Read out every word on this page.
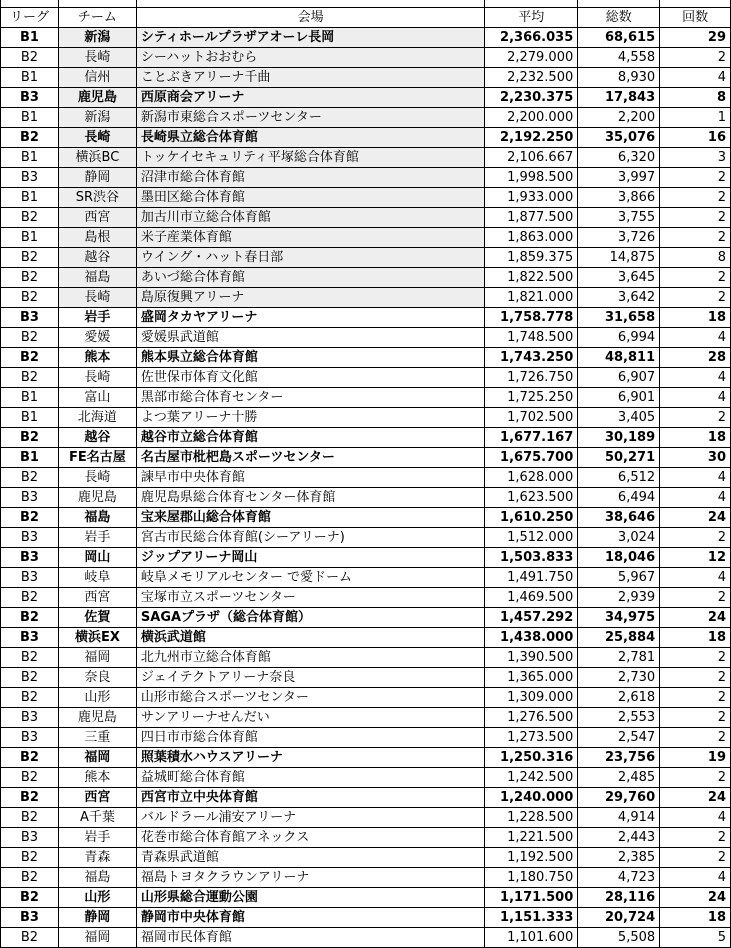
リーグ	チーム	会場	平均	総数	回数
B1	新潟	シティホールプラザアオーレ長岡	2,366.035	68,615	29
B2	長崎	シーハットおおむら	2,279.000	4,558	2
B1	信州	ことぶきアリーナ千曲	2,232.500	8,930	4
B3	鹿児島	西原商会アリーナ	2,230.375	17,843	8
B1	新潟	新潟市東総合スポーツセンター	2,200.000	2,200	1
B2	長崎	長崎県立総合体育館	2,192.250	35,076	16
B1	横浜BC	トッケイセキュリティ平塚総合体育館	2,106.667	6,320	3
B3	静岡	沼津市総合体育館	1,998.500	3,997	2
B1	SR渋谷	墨田区総合体育館	1,933.000	3,866	2
B2	西宮	加古川市立総合体育館	1,877.500	3,755	2
B1	島根	米子産業体育館	1,863.000	3,726	2
B2	越谷	ウイング・ハット春日部	1,859.375	14,875	8
B2	福島	あいづ総合体育館	1,822.500	3,645	2
B2	長崎	島原復興アリーナ	1,821.000	3,642	2
B3	岩手	盛岡タカヤアリーナ	1,758.778	31,658	18
B2	愛媛	愛媛県武道館	1,748.500	6,994	4
B2	熊本	熊本県立総合体育館	1,743.250	48,811	28
B2	長崎	佐世保市体育文化館	1,726.750	6,907	4
B1	富山	黒部市総合体育センター	1,725.250	6,901	4
B1	北海道	よつ葉アリーナ十勝	1,702.500	3,405	2
B2	越谷	越谷市立総合体育館	1,677.167	30,189	18
B1	FE名古屋	名古屋市枇杷島スポーツセンター	1,675.700	50,271	30
B2	長崎	諫早市中央体育館	1,628.000	6,512	4
B3	鹿児島	鹿児島県総合体育センター体育館	1,623.500	6,494	4
B2	福島	宝来屋郡山総合体育館	1,610.250	38,646	24
B3	岩手	宮古市民総合体育館(シーアリーナ)	1,512.000	3,024	2
B3	岡山	ジップアリーナ岡山	1,503.833	18,046	12
B3	岐阜	岐阜メモリアルセンター で愛ドーム	1,491.750	5,967	4
B2	西宮	宝塚市立スポーツセンター	1,469.500	2,939	2
B2	佐賀	SAGAプラザ（総合体育館）	1,457.292	34,975	24
B3	横浜EX	横浜武道館	1,438.000	25,884	18
B2	福岡	北九州市立総合体育館	1,390.500	2,781	2
B2	奈良	ジェイテクトアリーナ奈良	1,365.000	2,730	2
B2	山形	山形市総合スポーツセンター	1,309.000	2,618	2
B3	鹿児島	サンアリーナせんだい	1,276.500	2,553	2
B3	三重	四日市市総合体育館	1,273.500	2,547	2
B2	福岡	照葉積水ハウスアリーナ	1,250.316	23,756	19
B2	熊本	益城町総合体育館	1,242.500	2,485	2
B2	西宮	西宮市立中央体育館	1,240.000	29,760	24
B2	A千葉	バルドラール浦安アリーナ	1,228.500	4,914	4
B3	岩手	花巻市総合体育館アネックス	1,221.500	2,443	2
B2	青森	青森県武道館	1,192.500	2,385	2
B2	福島	福島トヨタクラウンアリーナ	1,180.750	4,723	4
B2	山形	山形県総合運動公園	1,171.500	28,116	24
B3	静岡	静岡市中央体育館	1,151.333	20,724	18
B2	福岡	福岡市民体育館	1,101.600	5,508	5
